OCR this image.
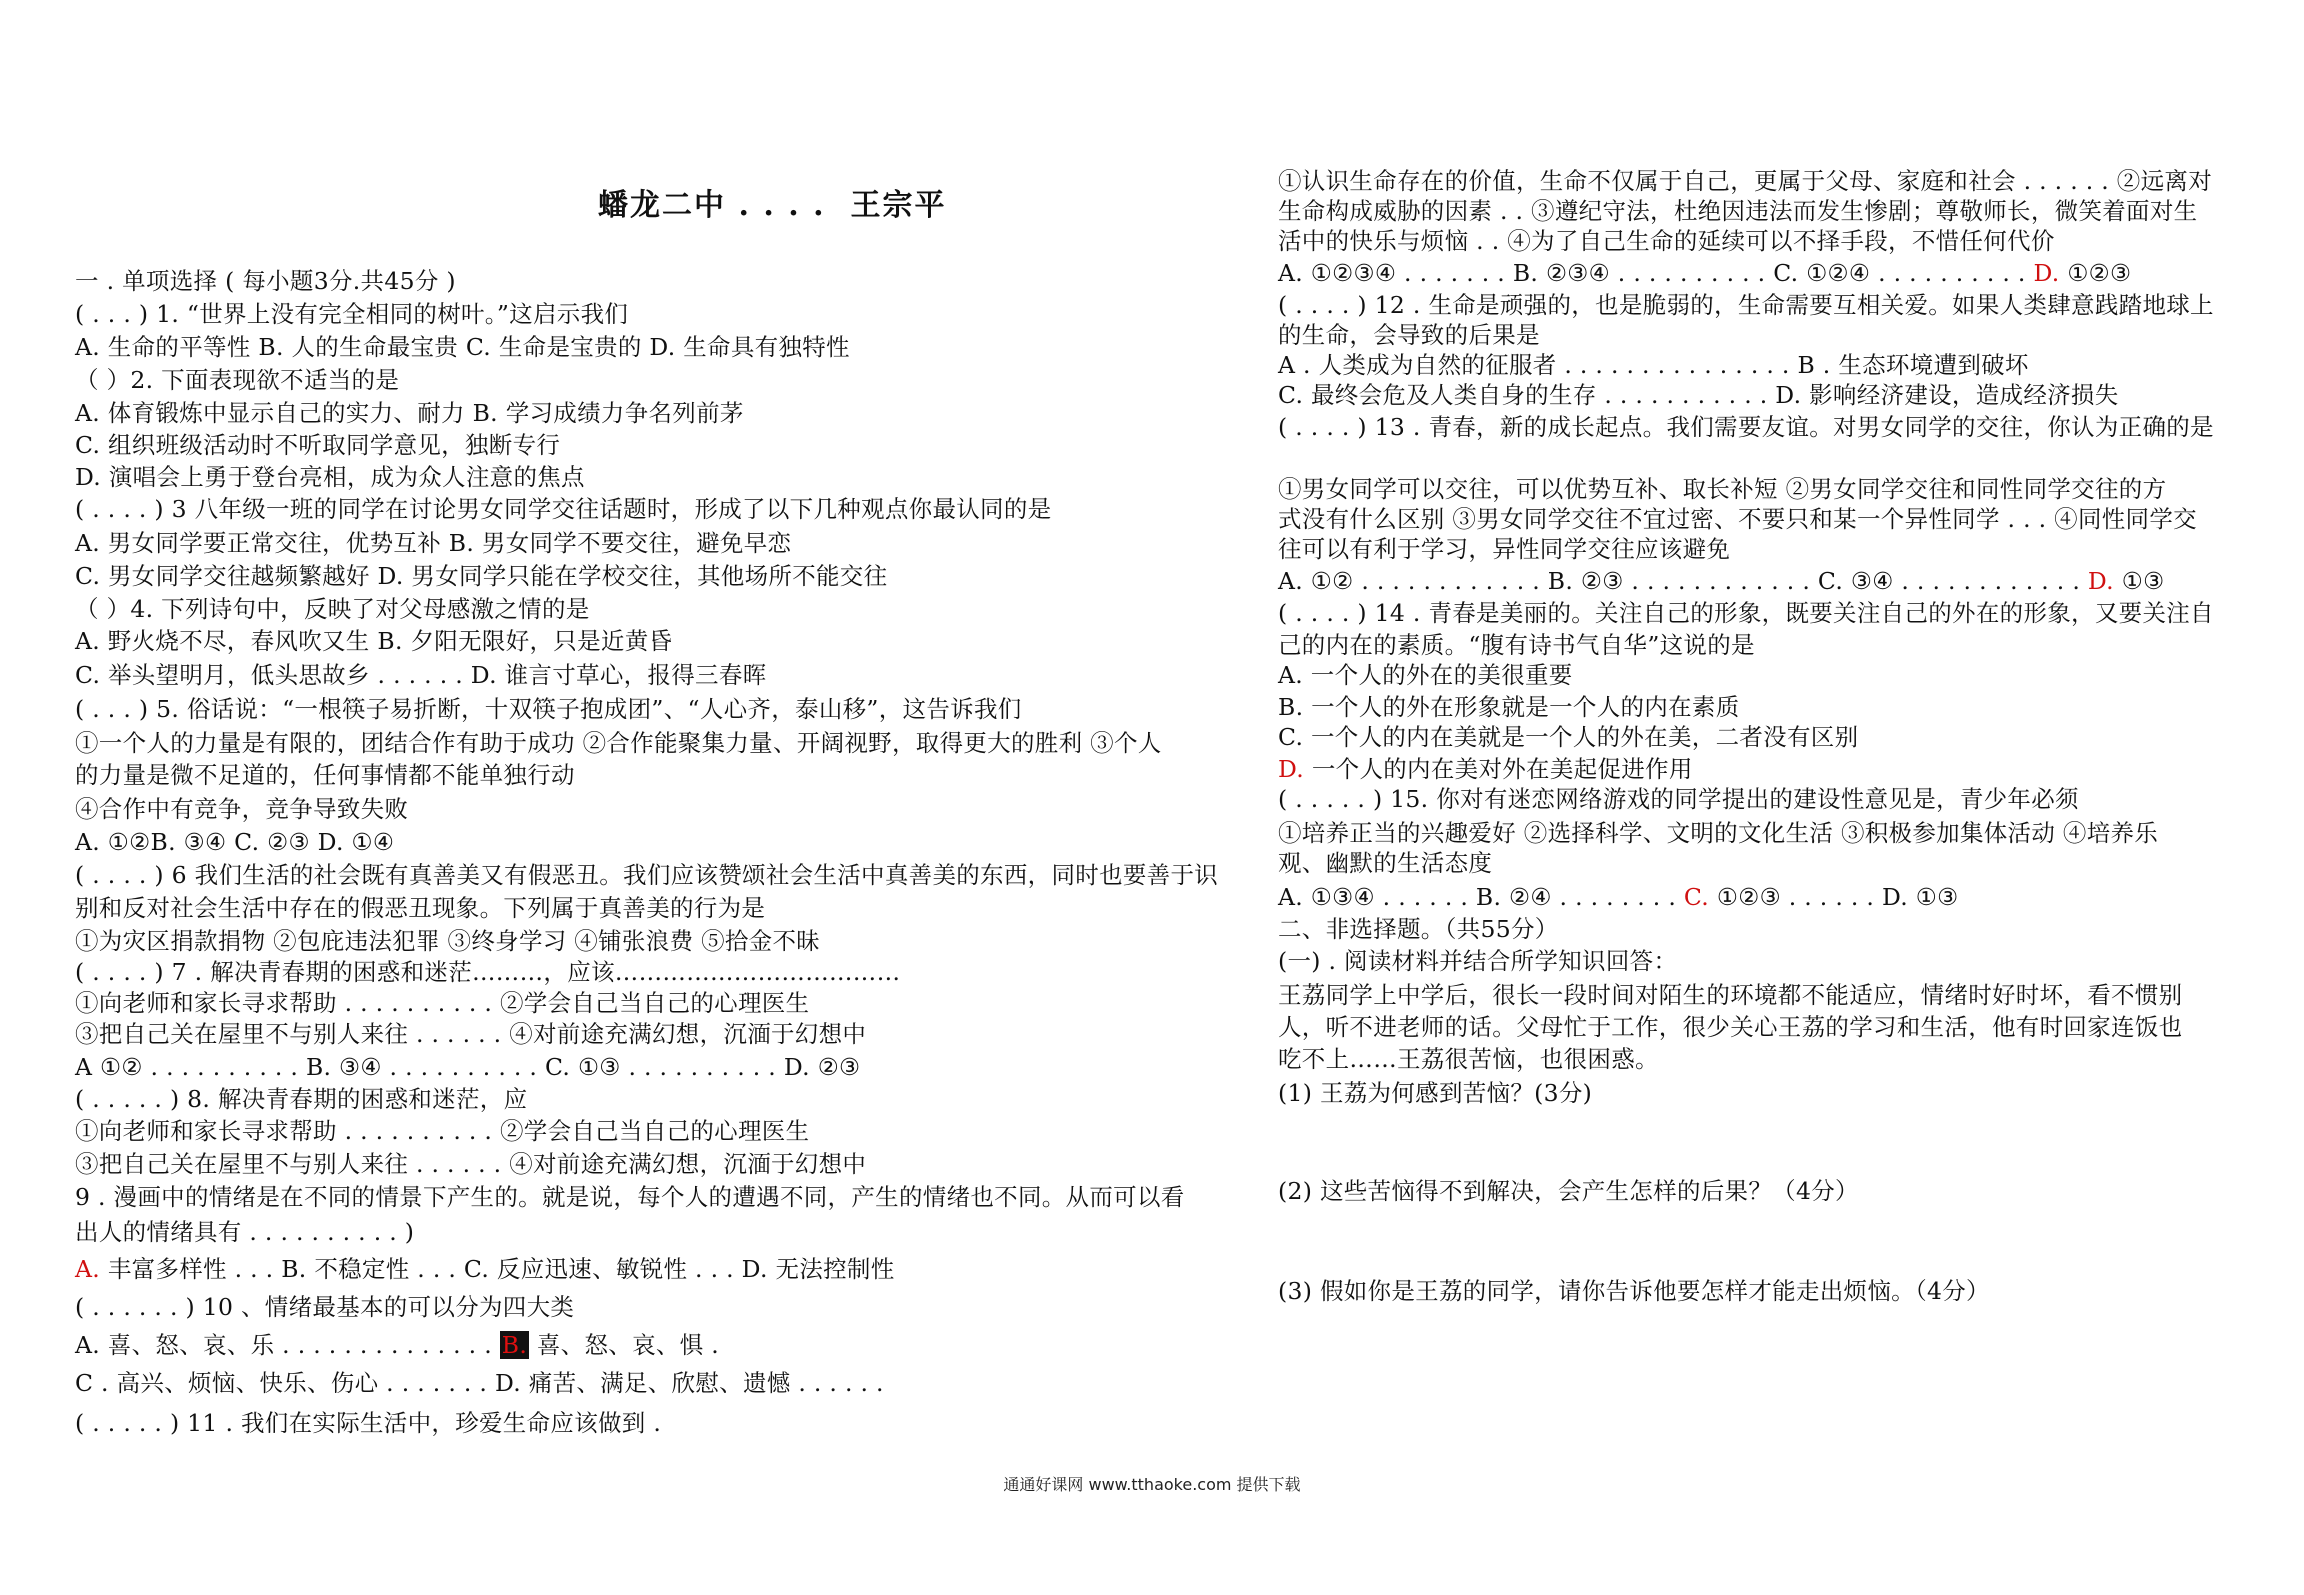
蟠龙二中 . . . .  王宗平
一 . 单项选择 ( 每小题3分.共45分 )
( . . . ) 1. “世界上没有完全相同的树叶。”这启示我们
A. 生命的平等性 B. 人的生命最宝贵 C. 生命是宝贵的 D. 生命具有独特性
（ ）2. 下面表现欲不适当的是
A. 体育锻炼中显示自己的实力、耐力 B. 学习成绩力争名列前茅
C. 组织班级活动时不听取同学意见，独断专行
D. 演唱会上勇于登台亮相，成为众人注意的焦点
( . . . . ) 3 八年级一班的同学在讨论男女同学交往话题时，形成了以下几种观点你最认同的是
A. 男女同学要正常交往，优势互补 B. 男女同学不要交往，避免早恋
C. 男女同学交往越频繁越好 D. 男女同学只能在学校交往，其他场所不能交往
（ ）4. 下列诗句中，反映了对父母感激之情的是
A. 野火烧不尽，春风吹又生 B. 夕阳无限好，只是近黄昏
C. 举头望明月，低头思故乡 . . . . . . D. 谁言寸草心，报得三春晖
( . . . ) 5. 俗话说：“一根筷子易折断，十双筷子抱成团”、“人心齐，泰山移”，这告诉我们
①一个人的力量是有限的，团结合作有助于成功 ②合作能聚集力量、开阔视野，取得更大的胜利 ③个人
的力量是微不足道的，任何事情都不能单独行动
④合作中有竞争，竞争导致失败
A. ①②B. ③④ C. ②③ D. ①④
( . . . . ) 6 我们生活的社会既有真善美又有假恶丑。我们应该赞颂社会生活中真善美的东西，同时也要善于识
别和反对社会生活中存在的假恶丑现象。下列属于真善美的行为是
①为灾区捐款捐物 ②包庇违法犯罪 ③终身学习 ④铺张浪费 ⑤拾金不昧
( . . . . ) 7 . 解决青春期的困惑和迷茫………，应该………………………………
①向老师和家长寻求帮助 . . . . . . . . . . ②学会自己当自己的心理医生
③把自己关在屋里不与别人来往 . . . . . . ④对前途充满幻想，沉湎于幻想中
A ①② . . . . . . . . . . B. ③④ . . . . . . . . . . C. ①③ . . . . . . . . . . D. ②③
( . . . . . ) 8. 解决青春期的困惑和迷茫，应
①向老师和家长寻求帮助 . . . . . . . . . . ②学会自己当自己的心理医生
③把自己关在屋里不与别人来往 . . . . . . ④对前途充满幻想，沉湎于幻想中
9 . 漫画中的情绪是在不同的情景下产生的。就是说，每个人的遭遇不同，产生的情绪也不同。从而可以看
出人的情绪具有 . . . . . . . . . . )
A. 丰富多样性 . . . B. 不稳定性 . . . C. 反应迅速、敏锐性 . . . D. 无法控制性
( . . . . . . ) 10 、情绪最基本的可以分为四大类
A. 喜、怒、哀、乐 . . . . . . . . . . . . . . B. 喜、怒、哀、惧 .
C . 高兴、烦恼、快乐、伤心 . . . . . . . D. 痛苦、满足、欣慰、遗憾 . . . . . .
( . . . . . ) 11 . 我们在实际生活中，珍爱生命应该做到 .
①认识生命存在的价值，生命不仅属于自己，更属于父母、家庭和社会 . . . . . . ②远离对
生命构成威胁的因素 . . ③遵纪守法，杜绝因违法而发生惨剧；尊敬师长，微笑着面对生
活中的快乐与烦恼 . . ④为了自己生命的延续可以不择手段，不惜任何代价
A. ①②③④ . . . . . . . B. ②③④ . . . . . . . . . . C. ①②④ . . . . . . . . . . D. ①②③
( . . . . ) 12 . 生命是顽强的，也是脆弱的，生命需要互相关爱。如果人类肆意践踏地球上
的生命，会导致的后果是
A . 人类成为自然的征服者 . . . . . . . . . . . . . . . B . 生态环境遭到破坏
C. 最终会危及人类自身的生存 . . . . . . . . . . . D. 影响经济建设，造成经济损失
( . . . . ) 13 . 青春，新的成长起点。我们需要友谊。对男女同学的交往，你认为正确的是
①男女同学可以交往，可以优势互补、取长补短 ②男女同学交往和同性同学交往的方
式没有什么区别 ③男女同学交往不宜过密、不要只和某一个异性同学 . . . ④同性同学交
往可以有利于学习，异性同学交往应该避免
A. ①② . . . . . . . . . . . . B. ②③ . . . . . . . . . . . . C. ③④ . . . . . . . . . . . . D. ①③
( . . . . ) 14 . 青春是美丽的。关注自己的形象，既要关注自己的外在的形象，又要关注自
己的内在的素质。“腹有诗书气自华”这说的是
A. 一个人的外在的美很重要
B. 一个人的外在形象就是一个人的内在素质
C. 一个人的内在美就是一个人的外在美，二者没有区别
D. 一个人的内在美对外在美起促进作用
( . . . . . ) 15. 你对有迷恋网络游戏的同学提出的建设性意见是，青少年必须
①培养正当的兴趣爱好 ②选择科学、文明的文化生活 ③积极参加集体活动 ④培养乐
观、幽默的生活态度
A. ①③④ . . . . . . B. ②④ . . . . . . . . C. ①②③ . . . . . . D. ①③
二、非选择题。（共55分）
(一) . 阅读材料并结合所学知识回答：
王荔同学上中学后，很长一段时间对陌生的环境都不能适应，情绪时好时坏，看不惯别
人，听不进老师的话。父母忙于工作，很少关心王荔的学习和生活，他有时回家连饭也
吃不上……王荔很苦恼，也很困惑。
(1) 王荔为何感到苦恼？(3分)
(2) 这些苦恼得不到解决，会产生怎样的后果？（4分）
(3) 假如你是王荔的同学，请你告诉他要怎样才能走出烦恼。（4分）
通通好课网 www.tthaoke.com 提供下载
